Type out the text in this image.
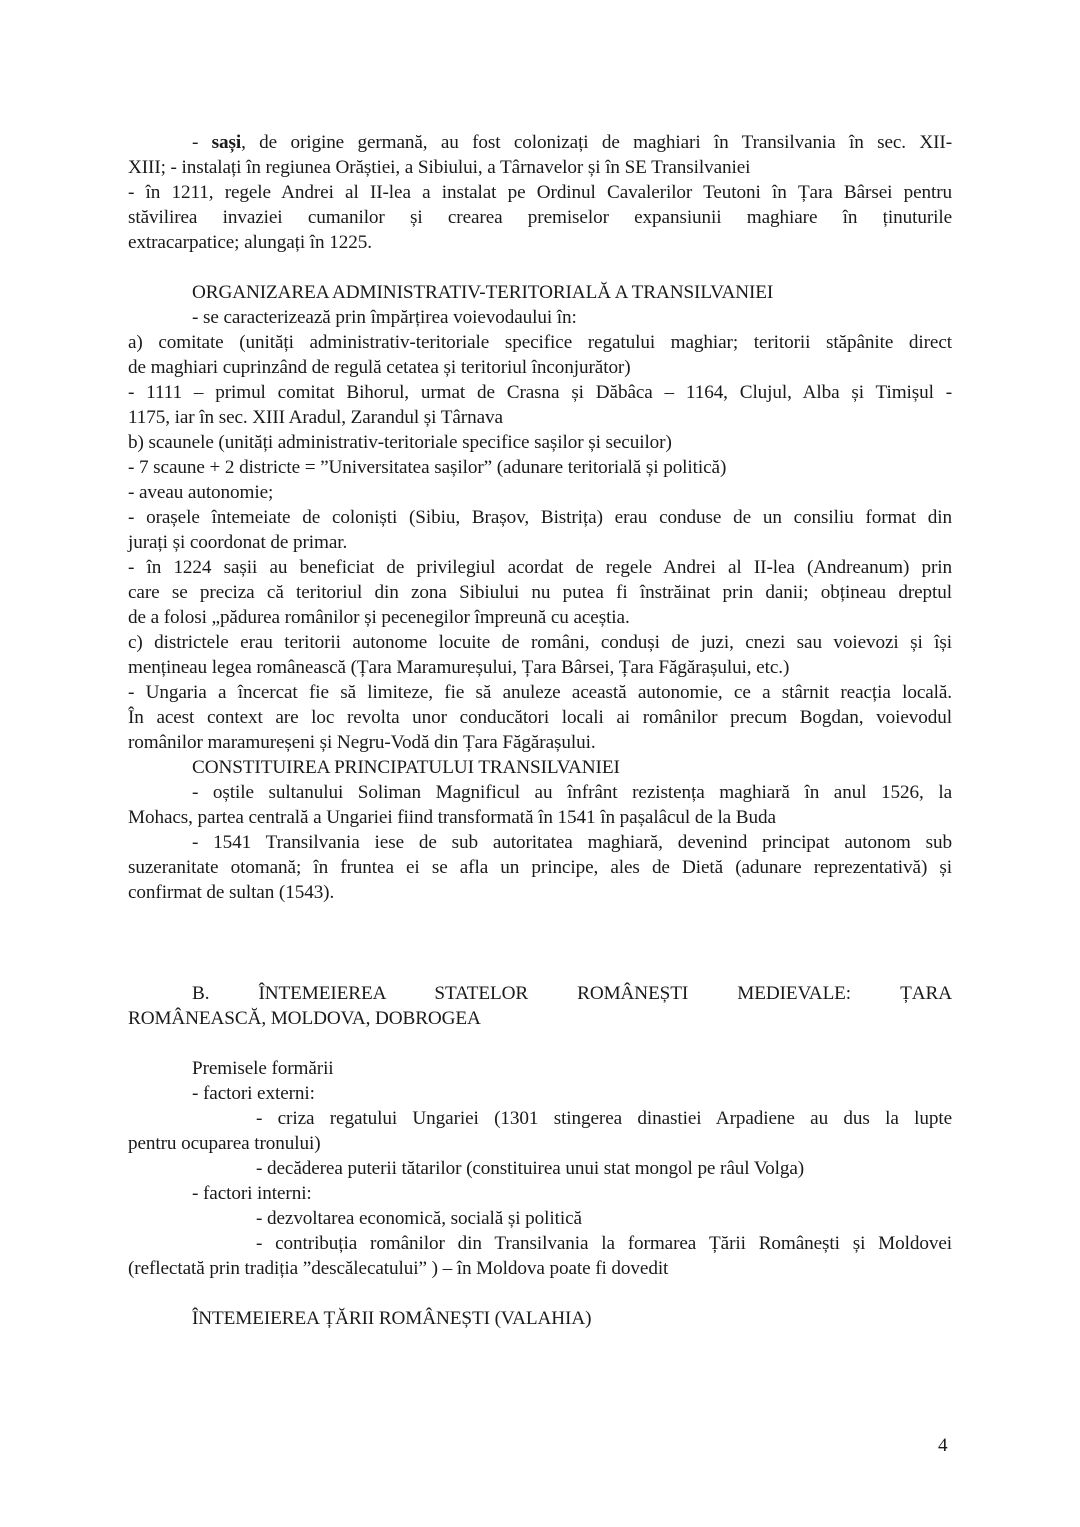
- sași, de origine germană, au fost colonizați de maghiari în Transilvania în sec. XII-
XIII; - instalați în regiunea Orăștiei, a Sibiului, a Târnavelor și în SE Transilvaniei
- în 1211, regele Andrei al II-lea a instalat pe Ordinul Cavalerilor Teutoni în Țara Bârsei pentru
stăvilirea invaziei cumanilor și crearea premiselor expansiunii maghiare în ținuturile
extracarpatice; alungați în 1225.
ORGANIZAREA ADMINISTRATIV-TERITORIALĂ A TRANSILVANIEI
- se caracterizează prin împărțirea voievodaului în:
a) comitate (unități administrativ-teritoriale specifice regatului maghiar; teritorii stăpânite direct
de maghiari cuprinzând de regulă cetatea și teritoriul înconjurător)
- 1111 – primul comitat Bihorul, urmat de Crasna și Dăbâca – 1164, Clujul, Alba și Timișul -
1175, iar în sec. XIII Aradul, Zarandul și Târnava
b) scaunele (unități administrativ-teritoriale specifice sașilor și secuilor)
- 7 scaune + 2 districte = ”Universitatea sașilor” (adunare teritorială și politică)
- aveau autonomie;
- orașele întemeiate de coloniști (Sibiu, Brașov, Bistrița) erau conduse de un consiliu format din
jurați și coordonat de primar.
- în 1224 sașii au beneficiat de privilegiul acordat de regele Andrei al II-lea (Andreanum) prin
care se preciza că teritoriul din zona Sibiului nu putea fi înstrăinat prin danii; obțineau dreptul
de a folosi „pădurea românilor și pecenegilor împreună cu aceștia.
c) districtele erau teritorii autonome locuite de români, conduși de juzi, cnezi sau voievozi și își
mențineau legea românească (Țara Maramureșului, Țara Bârsei, Țara Făgărașului, etc.)
- Ungaria a încercat fie să limiteze, fie să anuleze această autonomie, ce a stârnit reacția locală.
În acest context are loc revolta unor conducători locali ai românilor precum Bogdan, voievodul
românilor maramureșeni și Negru-Vodă din Țara Făgărașului.
CONSTITUIREA PRINCIPATULUI TRANSILVANIEI
- oștile sultanului Soliman Magnificul au înfrânt rezistența maghiară în anul 1526, la
Mohacs, partea centrală a Ungariei fiind transformată în 1541 în pașalâcul de la Buda
- 1541 Transilvania iese de sub autoritatea maghiară, devenind principat autonom sub
suzeranitate otomană; în fruntea ei se afla un principe, ales de Dietă (adunare reprezentativă) și
confirmat de sultan (1543).
B. ÎNTEMEIEREA STATELOR ROMÂNEȘTI MEDIEVALE: ȚARA
ROMÂNEASCĂ, MOLDOVA, DOBROGEA
Premisele formării
- factori externi:
- criza regatului Ungariei (1301 stingerea dinastiei Arpadiene au dus la lupte
pentru ocuparea tronului)
- decăderea puterii tătarilor (constituirea unui stat mongol pe râul Volga)
- factori interni:
- dezvoltarea economică, socială și politică
- contribuția românilor din Transilvania la formarea Țării Românești și Moldovei
(reflectată prin tradiția ”descălecatului” ) – în Moldova poate fi dovedit
ÎNTEMEIEREA ȚĂRII ROMÂNEȘTI (VALAHIA)
4
